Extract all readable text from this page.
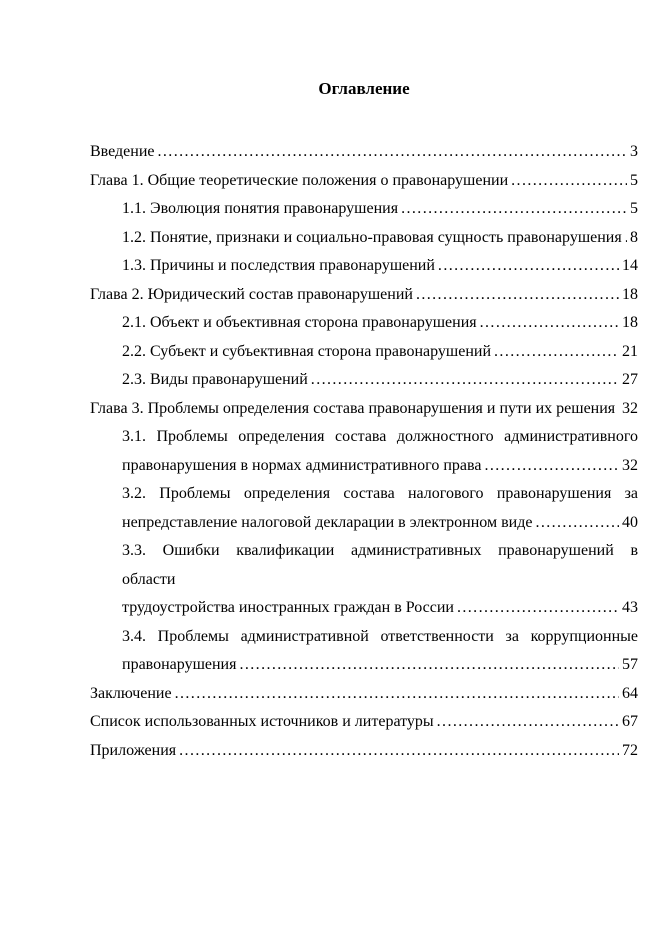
Оглавление
Введение .....	3
Глава 1. Общие теоретические положения о правонарушении .....	5
1.1. Эволюция понятия правонарушения .....	5
1.2. Понятие, признаки и социально-правовая сущность правонарушения ..... 8
1.3. Причины и последствия правонарушений .....	14
Глава 2. Юридический состав правонарушений .....	18
2.1. Объект и объективная сторона правонарушения .....	18
2.2. Субъект и субъективная сторона правонарушений .....	21
2.3. Виды правонарушений .....	27
Глава 3. Проблемы определения состава правонарушения и пути их решения ..... 32
3.1. Проблемы определения состава должностного административного
правонарушения в нормах административного права .....	32
3.2. Проблемы определения состава налогового правонарушения за
непредставление налоговой декларации в электронном виде .....	40
3.3. Ошибки квалификации административных правонарушений в области
трудоустройства иностранных граждан в России .....	43
3.4. Проблемы административной ответственности за коррупционные
правонарушения .....	57
Заключение .....	64
Список использованных источников и литературы .....	67
Приложения .....	72
